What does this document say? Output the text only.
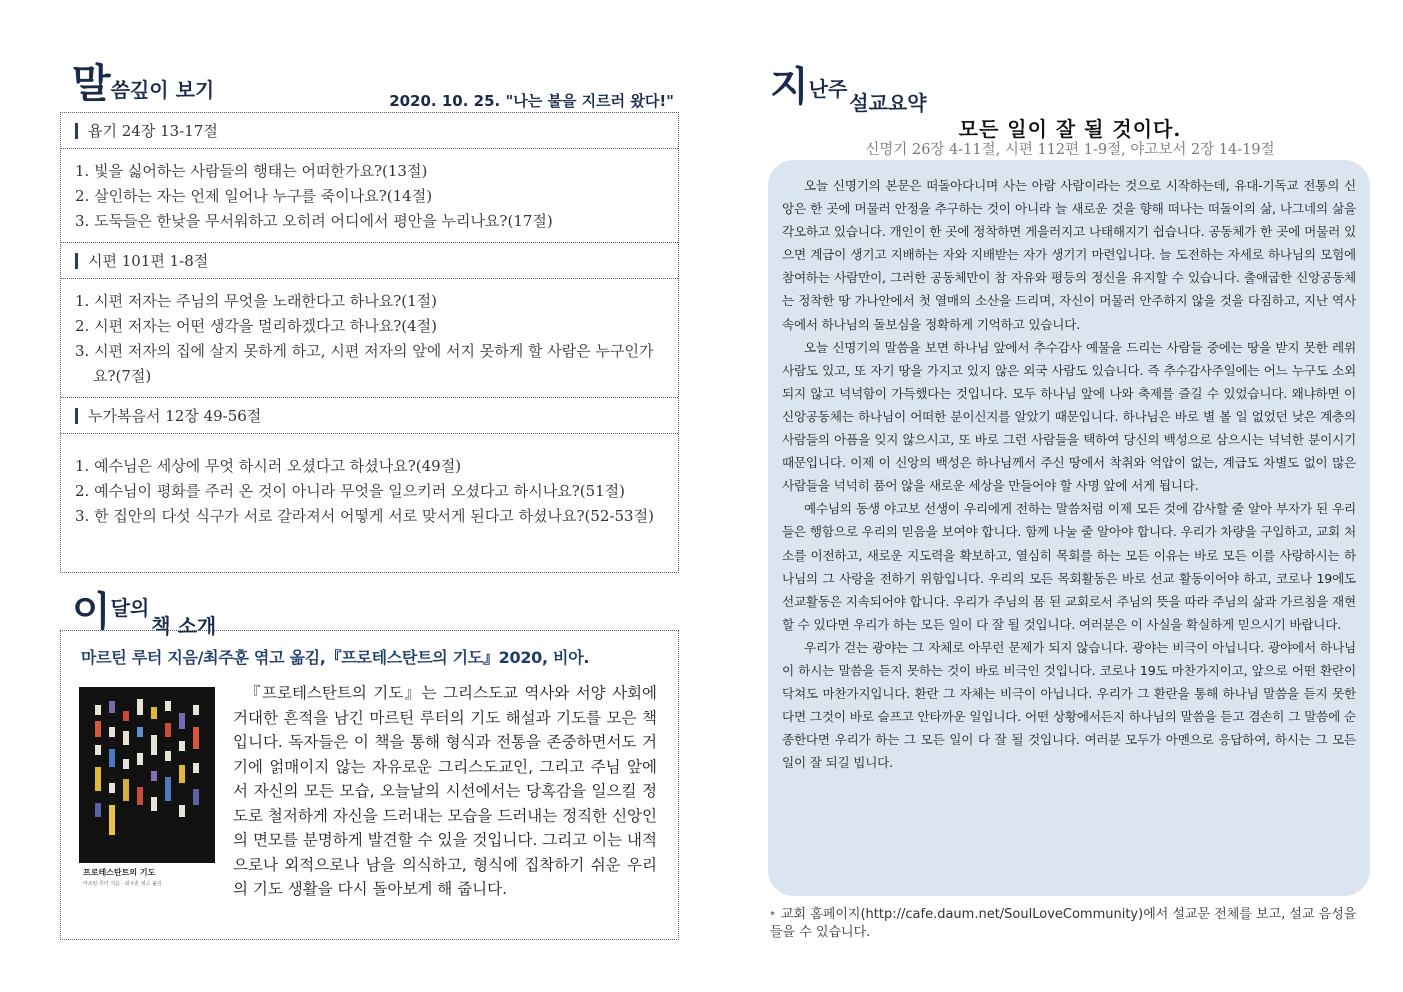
말씀깊이 보기	2020. 10. 25. "나는 불을 지르러 왔다!"
욥기 24장 13-17절
1. 빛을 싫어하는 사람들의 행태는 어떠한가요?(13절)
2. 살인하는 자는 언제 일어나 누구를 죽이나요?(14절)
3. 도둑들은 한낮을 무서워하고 오히려 어디에서 평안을 누리나요?(17절)
시편 101편 1-8절
1. 시편 저자는 주님의 무엇을 노래한다고 하나요?(1절)
2. 시편 저자는 어떤 생각을 멀리하겠다고 하나요?(4절)
3. 시편 저자의 집에 살지 못하게 하고, 시편 저자의 앞에 서지 못하게 할 사람은 누구인가요?(7절)
누가복음서 12장 49-56절
1. 예수님은 세상에 무엇 하시러 오셨다고 하셨나요?(49절)
2. 예수님이 평화를 주러 온 것이 아니라 무엇을 일으키러 오셨다고 하시나요?(51절)
3. 한 집안의 다섯 식구가 서로 갈라져서 어떻게 서로 맞서게 된다고 하셨나요?(52-53절)
이달의책 소개
마르틴 루터 지음/최주훈 엮고 옮김,『프로테스탄트의 기도』2020, 비아.
프로테스탄트의 기도
마르틴 루터 지음 · 최주훈 엮고 옮김
『프로테스탄트의 기도』는 그리스도교 역사와 서양 사회에 거대한 흔적을 남긴 마르틴 루터의 기도 해설과 기도를 모은 책입니다. 독자들은 이 책을 통해 형식과 전통을 존중하면서도 거기에 얽매이지 않는 자유로운 그리스도교인, 그리고 주님 앞에서 자신의 모든 모습, 오늘날의 시선에서는 당혹감을 일으킬 정도로 철저하게 자신을 드러내는 모습을 드러내는 정직한 신앙인의 면모를 분명하게 발견할 수 있을 것입니다. 그리고 이는 내적으로나 외적으로나 남을 의식하고, 형식에 집착하기 쉬운 우리의 기도 생활을 다시 돌아보게 해 줍니다.
지난주설교요약
모든 일이 잘 될 것이다.
신명기 26장 4-11절, 시편 112편 1-9절, 야고보서 2장 14-19절

오늘 신명기의 본문은 떠돌아다니며 사는 아람 사람이라는 것으로 시작하는데, 유대-기독교 전통의 신앙은 한 곳에 머물러 안정을 추구하는 것이 아니라 늘 새로운 것을 향해 떠나는 떠돌이의 삶, 나그네의 삶을 각오하고 있습니다. 개인이 한 곳에 정착하면 게을러지고 나태해지기 쉽습니다. 공동체가 한 곳에 머물러 있으면 계급이 생기고 지배하는 자와 지배받는 자가 생기기 마련입니다. 늘 도전하는 자세로 하나님의 모험에 참여하는 사람만이, 그러한 공동체만이 참 자유와 평등의 정신을 유지할 수 있습니다. 출애굽한 신앙공동체는 정착한 땅 가나안에서 첫 열매의 소산을 드리며, 자신이 머물러 안주하지 않을 것을 다짐하고, 지난 역사 속에서 하나님의 돌보심을 정확하게 기억하고 있습니다.

오늘 신명기의 말씀을 보면 하나님 앞에서 추수감사 예물을 드리는 사람들 중에는 땅을 받지 못한 레위 사람도 있고, 또 자기 땅을 가지고 있지 않은 외국 사람도 있습니다. 즉 추수감사주일에는 어느 누구도 소외되지 않고 넉넉함이 가득했다는 것입니다. 모두 하나님 앞에 나와 축제를 즐길 수 있었습니다. 왜냐하면 이 신앙공동체는 하나님이 어떠한 분이신지를 알았기 때문입니다. 하나님은 바로 별 볼 일 없었던 낮은 계층의 사람들의 아픔을 잊지 않으시고, 또 바로 그런 사람들을 택하여 당신의 백성으로 삼으시는 넉넉한 분이시기 때문입니다. 이제 이 신앙의 백성은 하나님께서 주신 땅에서 착취와 억압이 없는, 계급도 차별도 없이 많은 사람들을 넉넉히 품어 않을 새로운 세상을 만들어야 할 사명 앞에 서게 됩니다.

예수님의 동생 야고보 선생이 우리에게 전하는 말씀처럼 이제 모든 것에 감사할 줄 알아 부자가 된 우리들은 행함으로 우리의 믿음을 보여야 합니다. 함께 나눌 줄 알아야 합니다. 우리가 차량을 구입하고, 교회 처소를 이전하고, 새로운 지도력을 확보하고, 열심히 목회를 하는 모든 이유는 바로 모든 이를 사랑하시는 하나님의 그 사랑을 전하기 위함입니다. 우리의 모든 목회활동은 바로 선교 활동이어야 하고, 코로나 19에도 선교활동은 지속되어야 합니다. 우리가 주님의 몸 된 교회로서 주님의 뜻을 따라 주님의 삶과 가르침을 재현할 수 있다면 우리가 하는 모든 일이 다 잘 될 것입니다. 여러분은 이 사실을 확실하게 믿으시기 바랍니다.

우리가 걷는 광야는 그 자체로 아무런 문제가 되지 않습니다. 광야는 비극이 아닙니다. 광야에서 하나님이 하시는 말씀을 듣지 못하는 것이 바로 비극인 것입니다. 코로나 19도 마찬가지이고, 앞으로 어떤 환란이 닥쳐도 마찬가지입니다. 환란 그 자체는 비극이 아닙니다. 우리가 그 환란을 통해 하나님 말씀을 듣지 못한다면 그것이 바로 슬프고 안타까운 일입니다. 어떤 상황에서든지 하나님의 말씀을 듣고 겸손히 그 말씀에 순종한다면 우리가 하는 그 모든 일이 다 잘 될 것입니다. 여러분 모두가 아멘으로 응답하여, 하시는 그 모든 일이 잘 되길 빕니다.

* 교회 홈페이지(http://cafe.daum.net/SoulLoveCommunity)에서 설교문 전체를 보고, 설교 음성을 들을 수 있습니다.
